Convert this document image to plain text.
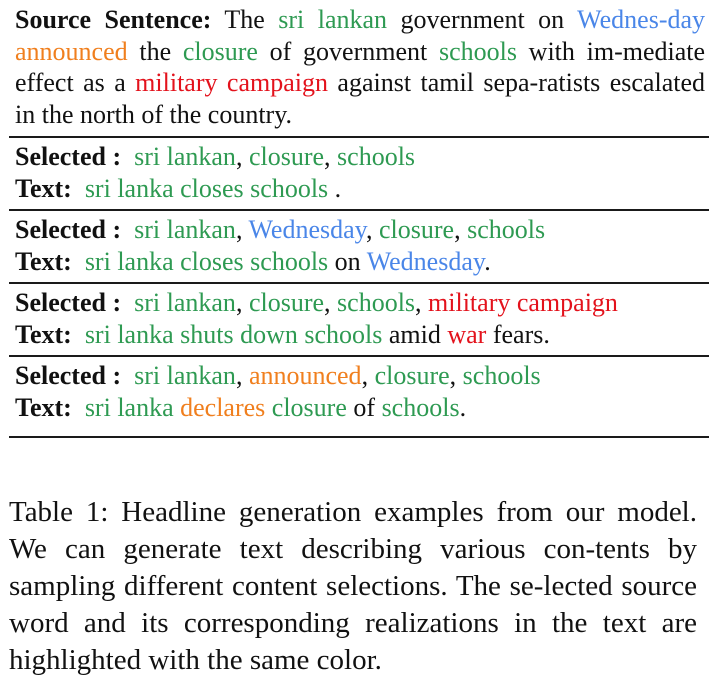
Source Sentence: The sri lankan government on Wednes-day announced the closure of government schools with im-mediate effect as a military campaign against tamil sepa-ratists escalated in the north of the country.
Selected : sri lankan, closure, schools
Text: sri lanka closes schools .
Selected : sri lankan, Wednesday, closure, schools
Text: sri lanka closes schools on Wednesday.
Selected : sri lankan, closure, schools, military campaign
Text: sri lanka shuts down schools amid war fears.
Selected : sri lankan, announced, closure, schools
Text: sri lanka declares closure of schools.
Table 1: Headline generation examples from our model. We can generate text describing various con-tents by sampling different content selections. The se-lected source word and its corresponding realizations in the text are highlighted with the same color.
